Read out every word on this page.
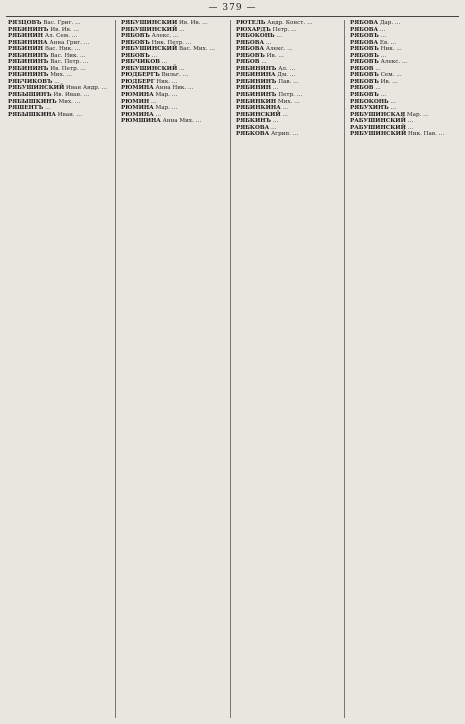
— 379 —

РЯЗЦОВЪ Вас. Григ. …

РЯБИНИНЪ Ив. Ив. …

РЯБИНИН Ал. Сем. …

РЯБИНИНА Анна Григ. …

РЯБИНИН Вас. Ник. …

РЯБИНИНЪ Вас. Ник. …

РЯБИНИНЪ Вас. Петр. …

РЯБИНИНЪ Ив. Петр. …

РЯБИНИНЪ Мих. …

РЯБЧИКОВЪ …

РЯБУШИНСКИЙ Иван Андр. …

РЯБЫШИНЪ Ив. Иван. …

РЯБЫШКИНЪ Мих. …

РЯШЕНТЪ …

РЯБЫШКИНА Иван. …

РЯБУШИНСКИЙ Ив. Ив. …

РЯБУШИНСКИЙ …

РЯБОВЪ Алекс. …

РЯБОВЪ Ник. Петр. …

РЯБУШИНСКИЙ Вас. Мих. …

РЯБОВЪ …

РЯБЧИКОВ …

РЯБУШИНСКИЙ …

РЮДБЕРГЪ Вильг. …

РЮДБЕРГ Ник. …

РЮМИНА Анна Ник. …

РЮМИНА Мар. …

РЮМИН …

РЮМИНА Мар. …

РЮМИНА …

РЮМШИНА Анна Мих. …

РЮТЕЛЬ Андр. Конст. …

РЮХАРДЪ Петр. …

РЯБОКОНЬ …

РЯБОВА …

РЯБОВА Алекс. …

РЯБОВЪ Ив. …

РЯБОВ …

РЯБИНИНЪ Ал. …

РЯБИНИНА Дм. …

РЯБИНИНЪ Пав. …

РЯБИНИН …

РЯБИНИНЪ Петр. …

РЯБИНКИН Мих. …

РЯБИНКИНА …

РЯБИНСКИЙ …

РЯБКИНЪ …

РЯБКОВА …

РЯБКОВА Агрип. …

РЯБОВА Дар. …

РЯБОВА …

РЯБОВЪ …

РЯБОВА Ев. …

РЯБОВЪ Ник. …

РЯБОВЪ …

РЯБОВЪ Алекс. …

РЯБОВ …

РЯБОВЪ Сем. …

РЯБОВЪ Ив. …

РЯБОВ …

РЯБОВЪ …

РЯБОКОНЬ …

РЯБУХИНЪ …

РЯБУШИНСКАЯ Мар. …

РАБУШИНСКИЙ …

РАБУШИНСКИЙ …

РЯБУШИНСКИЙ Ник. Пав. …
